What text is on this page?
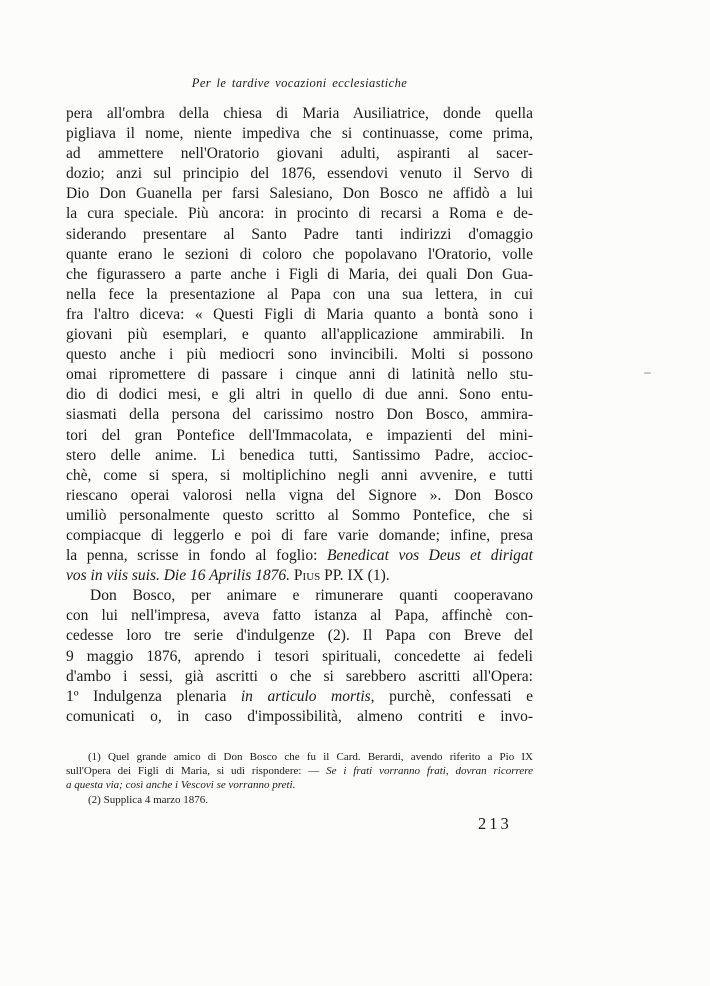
Per le tardive vocazioni ecclesiastiche
pera all'ombra della chiesa di Maria Ausiliatrice, donde quella
pigliava il nome, niente impediva che si continuasse, come prima,
ad ammettere nell'Oratorio giovani adulti, aspiranti al sacer-
dozio; anzi sul principio del 1876, essendovi venuto il Servo di
Dio Don Guanella per farsi Salesiano, Don Bosco ne affidò a lui
la cura speciale. Più ancora: in procinto di recarsi a Roma e de-
siderando presentare al Santo Padre tanti indirizzi d'omaggio
quante erano le sezioni di coloro che popolavano l'Oratorio, volle
che figurassero a parte anche i Figli di Maria, dei quali Don Gua-
nella fece la presentazione al Papa con una sua lettera, in cui
fra l'altro diceva: « Questi Figli di Maria quanto a bontà sono i
giovani più esemplari, e quanto all'applicazione ammirabili. In
questo anche i più mediocri sono invincibili. Molti si possono
omai ripromettere di passare i cinque anni di latinità nello stu-
dio di dodici mesi, e gli altri in quello di due anni. Sono entu-
siasmati della persona del carissimo nostro Don Bosco, ammira-
tori del gran Pontefice dell'Immacolata, e impazienti del mini-
stero delle anime. Li benedica tutti, Santissimo Padre, accioc-
chè, come si spera, si moltiplichino negli anni avvenire, e tutti
riescano operai valorosi nella vigna del Signore ». Don Bosco
umiliò personalmente questo scritto al Sommo Pontefice, che si
compiacque di leggerlo e poi di fare varie domande; infine, presa
la penna, scrisse in fondo al foglio: Benedicat vos Deus et dirigat
vos in viis suis. Die 16 Aprilis 1876. Pius PP. IX (1).
Don Bosco, per animare e rimunerare quanti cooperavano
con lui nell'impresa, aveva fatto istanza al Papa, affinchè con-
cedesse loro tre serie d'indulgenze (2). Il Papa con Breve del
9 maggio 1876, aprendo i tesori spirituali, concedette ai fedeli
d'ambo i sessi, già ascritti o che si sarebbero ascritti all'Opera:
1º Indulgenza plenaria in articulo mortis, purchè, confessati e
comunicati o, in caso d'impossibilità, almeno contriti e invo-
(1) Quel grande amico di Don Bosco che fu il Card. Berardi, avendo riferito a Pio IX
sull'Opera dei Figli di Maria, si udì rispondere: — Se i frati vorranno frati, dovran ricorrere
a questa via; così anche i Vescovi se vorranno preti.
(2) Supplica 4 marzo 1876.
213
